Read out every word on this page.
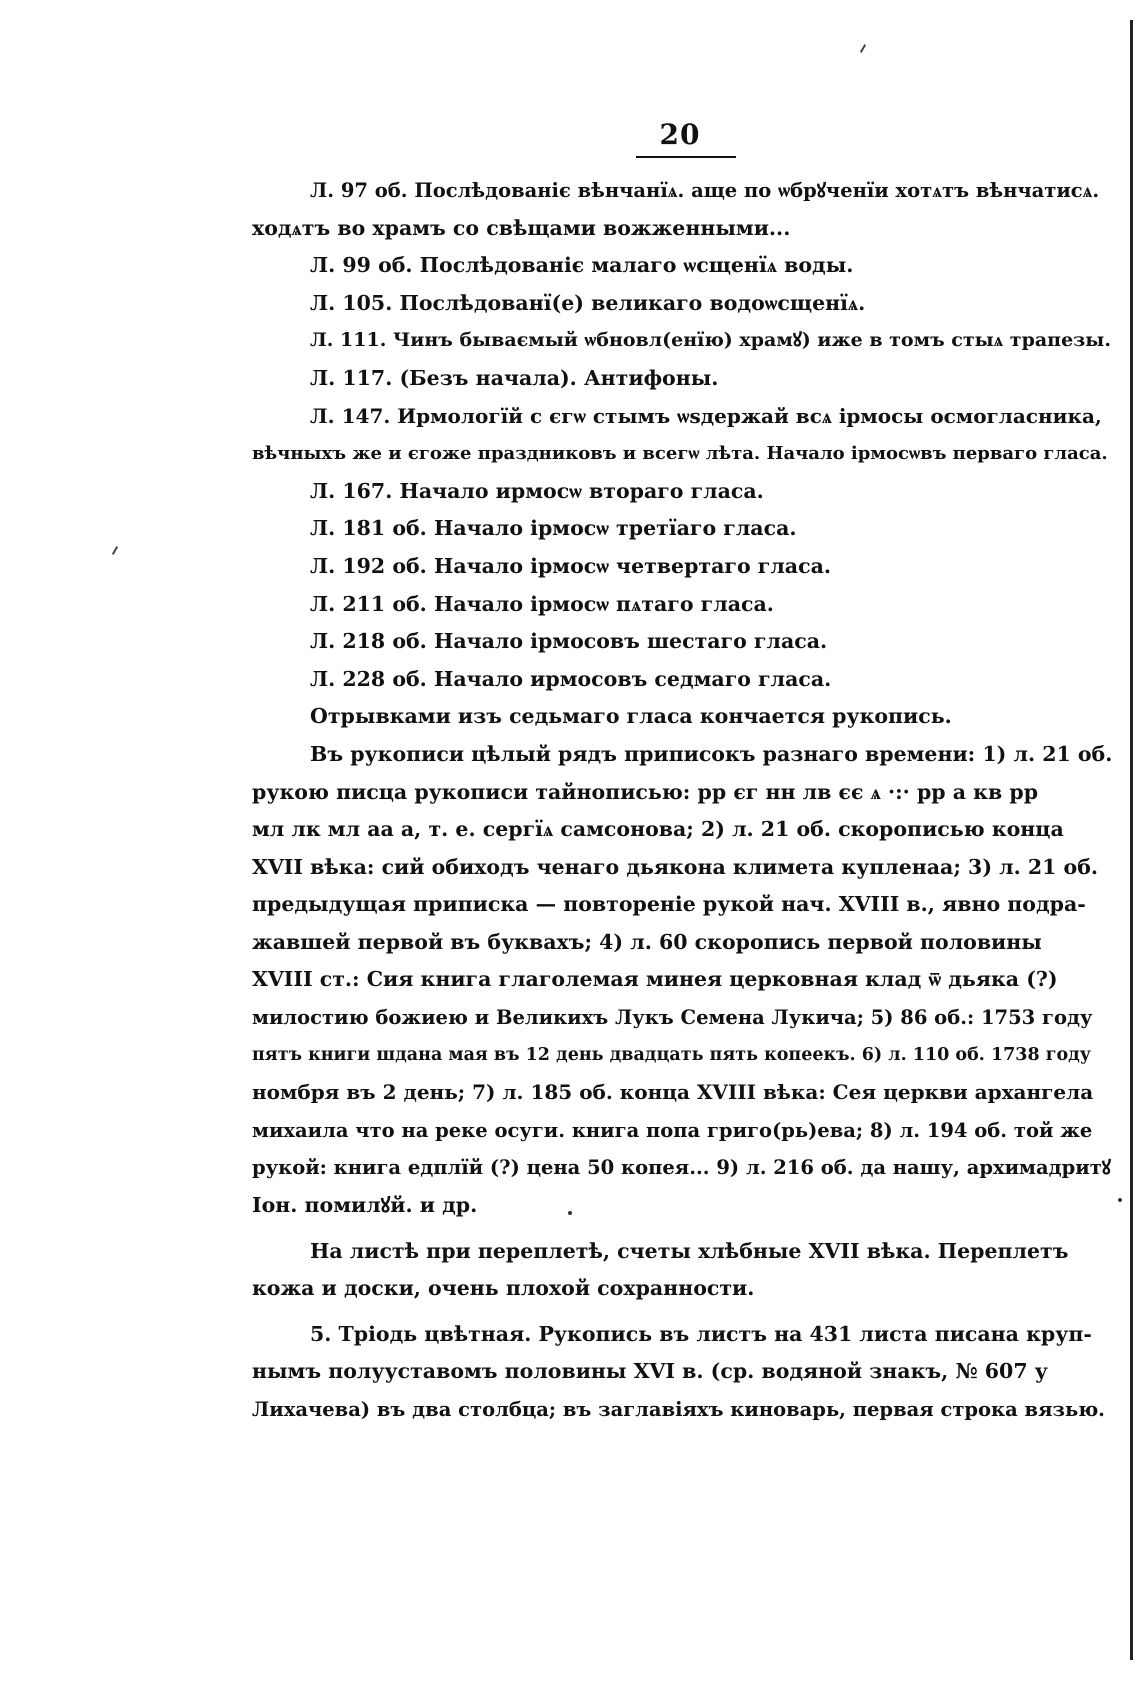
20
Л. 97 об. Послѣдованіє вѣнчанїѧ. аще по ѡбрꙋченїи хотѧтъ вѣнчатисѧ.
ходѧтъ во храмъ со свѣщами вожженными...
Л. 99 об. Послѣдованіє малаго ѡсщенїѧ воды.
Л. 105. Послѣдованї(е) великаго водоѡсщенїѧ.
Л. 111. Чинъ бываємый ѡбновл(енїю) храмꙋ) иже в томъ стыѧ трапезы.
Л. 117. (Безъ начала). Антифоны.
Л. 147. Ирмологїй с єгѡ стымъ ѡѕдержай всѧ ірмосы осмогласника,
вѣчныхъ же и єгоже праздниковъ и всегѡ лѣта. Начало ірмосѡвъ перваго гласа.
Л. 167. Начало ирмосѡ втораго гласа.
Л. 181 об. Начало ірмосѡ третїаго гласа.
Л. 192 об. Начало ірмосѡ четвертаго гласа.
Л. 211 об. Начало ірмосѡ пѧтаго гласа.
Л. 218 об. Начало ірмосовъ шестаго гласа.
Л. 228 об. Начало ирмосовъ седмаго гласа.
Отрывками изъ седьмаго гласа кончается рукопись.
Въ рукописи цѣлый рядъ приписокъ разнаго времени: 1) л. 21 об.
рукою писца рукописи тайнописью: рр єг нн лв єє ѧ ·:· рр а кв рр
мл лк мл аа а, т. е. сергїѧ самсонова; 2) л. 21 об. скорописью конца
XVII вѣка: сий обиходъ ченаго дьякона климета купленаа; 3) л. 21 об.
предыдущая приписка — повтореніе рукой нач. XVIII в., явно подра-
жавшей первой въ буквахъ; 4) л. 60 скоропись первой половины
XVIII ст.: Сия книга глаголемая минея церковная клад ѿ дьяка (?)
милостию божиею и Великихъ Лукъ Семена Лукича; 5) 86 об.: 1753 году
пятъ книги шдана мая въ 12 день двадцать пять копеекъ. 6) л. 110 об. 1738 году
номбря въ 2 день; 7) л. 185 об. конца XVIII вѣка: Сея церкви архангела
михаила что на реке осуги. книга попа григо(рь)ева; 8) л. 194 об. той же
рукой: книга едплїй (?) цена 50 копея... 9) л. 216 об. да нашу, архимадритꙋ
Іон. помилꙋй. и др.
На листѣ при переплетѣ, счеты хлѣбные XVII вѣка. Переплетъ
кожа и доски, очень плохой сохранности.
5. Тріодь цвѣтная. Рукопись въ листъ на 431 листа писана круп-
нымъ полууставомъ половины XVI в. (ср. водяной знакъ, № 607 у
Лихачева) въ два столбца; въ заглавіяхъ киноварь, первая строка вязью.
